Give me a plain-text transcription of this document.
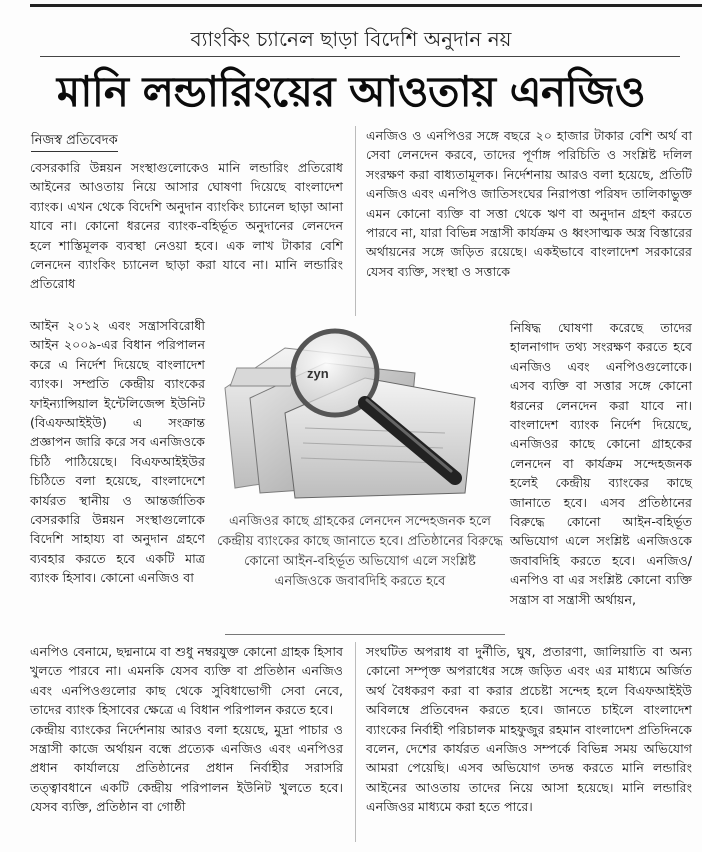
ব্যাংকিং চ্যানেল ছাড়া বিদেশি অনুদান নয়
মানি লন্ডারিংয়ের আওতায় এনজিও
নিজস্ব প্রতিবেদক

বেসরকারি উন্নয়ন সংস্থাগুলোকেও মানি লন্ডারিং প্রতিরোধ আইনের আওতায় নিয়ে আসার ঘোষণা দিয়েছে বাংলাদেশ ব্যাংক। এখন থেকে বিদেশি অনুদান ব্যাংকিং চ্যানেল ছাড়া আনা যাবে না। কোনো ধরনের ব্যাংক-বহির্ভূত অনুদানের লেনদেন হলে শাস্তিমূলক ব্যবস্থা নেওয়া হবে। এক লাখ টাকার বেশি লেনদেন ব্যাংকিং চ্যানেল ছাড়া করা যাবে না। মানি লন্ডারিং প্রতিরোধ

এনজিও ও এনপিওর সঙ্গে বছরে ২০ হাজার টাকার বেশি অর্থ বা সেবা লেনদেন করবে, তাদের পূর্ণাঙ্গ পরিচিতি ও সংশ্লিষ্ট দলিল সংরক্ষণ করা বাধ্যতামূলক। নির্দেশনায় আরও বলা হয়েছে, প্রতিটি এনজিও এবং এনপিও জাতিসংঘের নিরাপত্তা পরিষদ তালিকাভুক্ত এমন কোনো ব্যক্তি বা সত্তা থেকে ঋণ বা অনুদান গ্রহণ করতে পারবে না, যারা বিভিন্ন সন্ত্রাসী কার্যক্রম ও ধ্বংসাত্মক অস্ত্র বিস্তারের অর্থায়নের সঙ্গে জড়িত রয়েছে। একইভাবে বাংলাদেশ সরকারের যেসব ব্যক্তি, সংস্থা ও সত্তাকে

আইন ২০১২ এবং সন্ত্রাসবিরোধী আইন ২০০৯-এর বিধান পরিপালন করে এ নির্দেশ দিয়েছে বাংলাদেশ ব্যাংক। সম্প্রতি কেন্দ্রীয় ব্যাংকের ফাইন্যান্সিয়াল ইন্টেলিজেন্স ইউনিট (বিএফআইইউ) এ সংক্রান্ত প্রজ্ঞাপন জারি করে সব এনজিওকে চিঠি পাঠিয়েছে। বিএফআইইউর চিঠিতে বলা হয়েছে, বাংলাদেশে কার্যরত স্থানীয় ও আন্তর্জাতিক বেসরকারি উন্নয়ন সংস্থাগুলোকে বিদেশি সাহায্য বা অনুদান গ্রহণে ব্যবহার করতে হবে একটি মাত্র ব্যাংক হিসাব। কোনো এনজিও বা

zyn
এনজিওর কাছে গ্রাহকের লেনদেন সন্দেহজনক হলে কেন্দ্রীয় ব্যাংকের কাছে জানাতে হবে। প্রতিষ্ঠানের বিরুদ্ধে কোনো আইন-বহির্ভূত অভিযোগ এলে সংশ্লিষ্ট এনজিওকে জবাবদিহি করতে হবে

নিষিদ্ধ ঘোষণা করেছে তাদের হালনাগাদ তথ্য সংরক্ষণ করতে হবে এনজিও এবং এনপিওগুলোকে। এসব ব্যক্তি বা সত্তার সঙ্গে কোনো ধরনের লেনদেন করা যাবে না। বাংলাদেশ ব্যাংক নির্দেশ দিয়েছে, এনজিওর কাছে কোনো গ্রাহকের লেনদেন বা কার্যক্রম সন্দেহজনক হলেই কেন্দ্রীয় ব্যাংকের কাছে জানাতে হবে। এসব প্রতিষ্ঠানের বিরুদ্ধে কোনো আইন-বহির্ভূত অভিযোগ এলে সংশ্লিষ্ট এনজিওকে জবাবদিহি করতে হবে। এনজিও/এনপিও বা এর সংশ্লিষ্ট কোনো ব্যক্তি সন্ত্রাস বা সন্ত্রাসী অর্থায়ন,

এনপিও বেনামে, ছদ্মনামে বা শুধু নম্বরযুক্ত কোনো গ্রাহক হিসাব খুলতে পারবে না। এমনকি যেসব ব্যক্তি বা প্রতিষ্ঠান এনজিও এবং এনপিওগুলোর কাছ থেকে সুবিধাভোগী সেবা নেবে, তাদের ব্যাংক হিসাবের ক্ষেত্রে এ বিধান পরিপালন করতে হবে।

কেন্দ্রীয় ব্যাংকের নির্দেশনায় আরও বলা হয়েছে, মুদ্রা পাচার ও সন্ত্রাসী কাজে অর্থায়ন বন্ধে প্রত্যেক এনজিও এবং এনপিওর প্রধান কার্যালয়ে প্রতিষ্ঠানের প্রধান নির্বাহীর সরাসরি তত্ত্বাবধানে একটি কেন্দ্রীয় পরিপালন ইউনিট খুলতে হবে। যেসব ব্যক্তি, প্রতিষ্ঠান বা গোষ্ঠী

সংঘটিত অপরাধ বা দুর্নীতি, ঘুষ, প্রতারণা, জালিয়াতি বা অন্য কোনো সম্পৃক্ত অপরাধের সঙ্গে জড়িত এবং এর মাধ্যমে অর্জিত অর্থ বৈধকরণ করা বা করার প্রচেষ্টা সন্দেহ হলে বিএফআইইউ অবিলম্বে প্রতিবেদন করতে হবে। জানতে চাইলে বাংলাদেশ ব্যাংকের নির্বাহী পরিচালক মাহফুজুর রহমান বাংলাদেশ প্রতিদিনকে বলেন, দেশের কার্যরত এনজিও সম্পর্কে বিভিন্ন সময় অভিযোগ আমরা পেয়েছি। এসব অভিযোগ তদন্ত করতে মানি লন্ডারিং আইনের আওতায় তাদের নিয়ে আসা হয়েছে। মানি লন্ডারিং এনজিওর মাধ্যমে করা হতে পারে।
